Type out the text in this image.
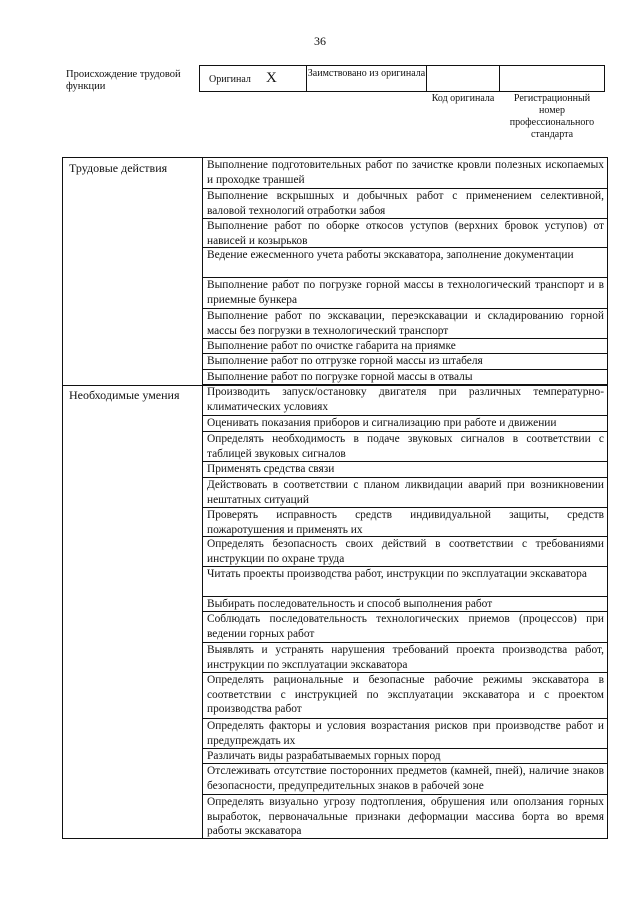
36
Происхождение трудовой функции
Оригинал X	Заимствовано из оригинала
Код оригинала	Регистрационный номер профессионального стандарта
Трудовые действия
Необходимые умения
Выполнение подготовительных работ по зачистке кровли полезных ископаемых и проходке траншей
Выполнение вскрышных и добычных работ с применением селективной, валовой технологий отработки забоя
Выполнение работ по оборке откосов уступов (верхних бровок уступов) от нависей и козырьков
Ведение ежесменного учета работы экскаватора, заполнение документации
Выполнение работ по погрузке горной массы в технологический транспорт и в приемные бункера
Выполнение работ по экскавации, переэкскавации и складированию горной массы без погрузки в технологический транспорт
Выполнение работ по очистке габарита на приямке
Выполнение работ по отгрузке горной массы из штабеля
Выполнение работ по погрузке горной массы в отвалы
Производить запуск/остановку двигателя при различных температурно-климатических условиях
Оценивать показания приборов и сигнализацию при работе и движении
Определять необходимость в подаче звуковых сигналов в соответствии с таблицей звуковых сигналов
Применять средства связи
Действовать в соответствии с планом ликвидации аварий при возникновении нештатных ситуаций
Проверять исправность средств индивидуальной защиты, средств пожаротушения и применять их
Определять безопасность своих действий в соответствии с требованиями инструкции по охране труда
Читать проекты производства работ, инструкции по эксплуатации экскаватора
Выбирать последовательность и способ выполнения работ
Соблюдать последовательность технологических приемов (процессов) при ведении горных работ
Выявлять и устранять нарушения требований проекта производства работ, инструкции по эксплуатации экскаватора
Определять рациональные и безопасные рабочие режимы экскаватора в соответствии с инструкцией по эксплуатации экскаватора и с проектом производства работ
Определять факторы и условия возрастания рисков при производстве работ и предупреждать их
Различать виды разрабатываемых горных пород
Отслеживать отсутствие посторонних предметов (камней, пней), наличие знаков безопасности, предупредительных знаков в рабочей зоне
Определять визуально угрозу подтопления, обрушения или оползания горных выработок, первоначальные признаки деформации массива борта во время работы экскаватора
